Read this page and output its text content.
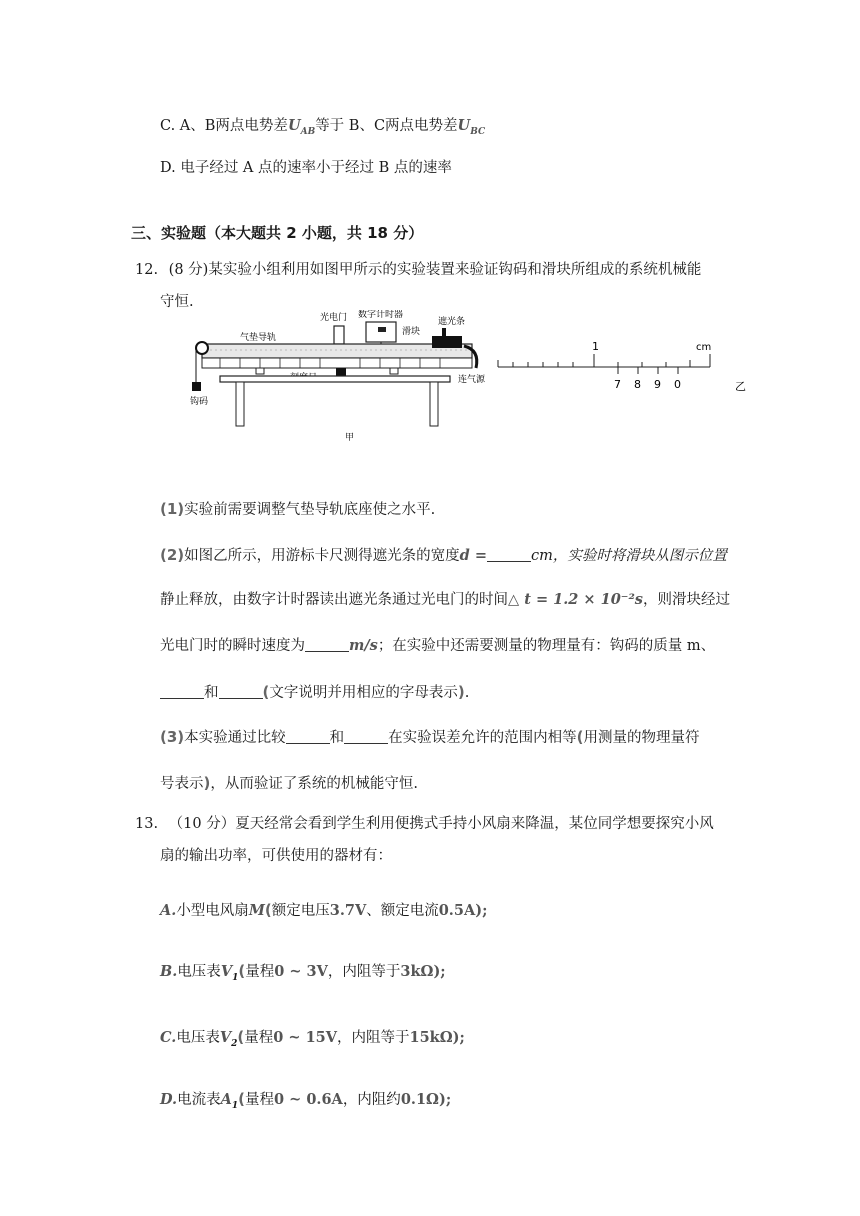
C. A、B两点电势差$U_{AB}$等于 B、C两点电势差$U_{BC}$
D. 电子经过 A 点的速率小于经过 B 点的速率
三、实验题（本大题共 2 小题，共 18 分）
12. (8 分)某实验小组利用如图甲所示的实验装置来验证钩码和滑块所组成的系统机械能
守恒.
数字计时器
光电门
气垫导轨
滑块
遮光条
连气源
钩码
甲
1	cm
7 8 9 0	乙
(1)实验前需要调整气垫导轨底座使之水平.
(2)如图乙所示，用游标卡尺测得遮光条的宽度d =	cm，实验时将滑块从图示位置
静止释放，由数字计时器读出遮光条通过光电门的时间△ t = 1.2 × 10⁻²s，则滑块经过
光电门时的瞬时速度为	m/s；在实验中还需要测量的物理量有：钩码的质量 m、
和	(文字说明并用相应的字母表示).
(3)本实验通过比较	和	在实验误差允许的范围内相等(用测量的物理量符
号表示)，从而验证了系统的机械能守恒.
13. （10 分）夏天经常会看到学生利用便携式手持小风扇来降温，某位同学想要探究小风
扇的输出功率，可供使用的器材有：
A.小型电风扇M(额定电压3.7V、额定电流0.5A);
B.电压表$V_1$(量程0 ~ 3V，内阻等于3kΩ);
C.电压表$V_2$(量程0 ~ 15V，内阻等于15kΩ);
D.电流表$A_1$(量程0 ~ 0.6A，内阻约0.1Ω);
